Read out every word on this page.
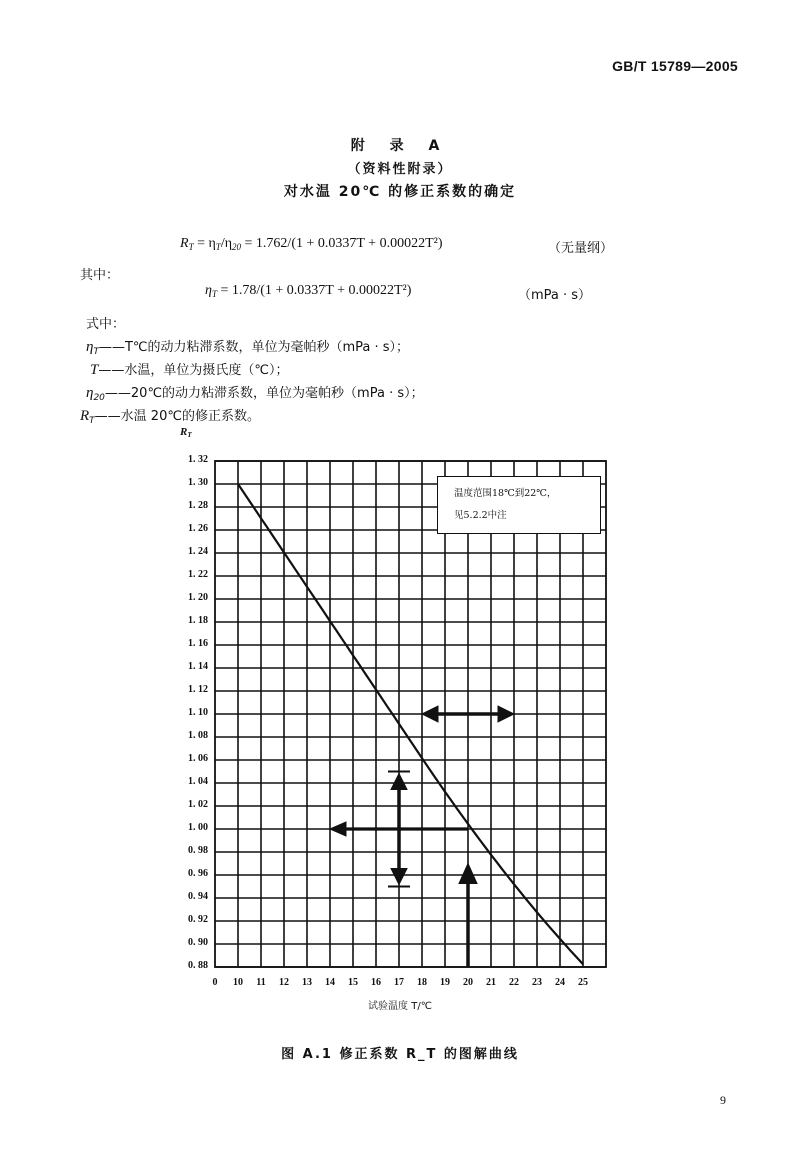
GB/T 15789—2005
附 录 A
（资料性附录）
对水温 20℃ 的修正系数的确定
$R_T = \eta_T/\eta_{20} = 1.762/(1 + 0.0337T + 0.00022T^2)$	（无量纲）
其中：
$\eta_T = 1.78/(1 + 0.0337T + 0.00022T^2)$	（mPa · s）
式中：
$\eta_T——T℃$的动力粘滞系数，单位为毫帕秒（mPa · s）；
T——水温，单位为摄氏度（℃）；
$\eta_{20}——20℃$的动力粘滞系数，单位为毫帕秒（mPa · s）；
$R_T——$水温 20℃的修正系数。
RT
1. 32
1. 30
1. 28
1. 26
1. 24
1. 22
1. 20
1. 18
1. 16
1. 14
1. 12
1. 10
1. 08
1. 06
1. 04
1. 02
1. 00
0. 98
0. 96
0. 94
0. 92
0. 90
0. 88
0	10	11	12	13	14	15	16	17	18	19	20	21	22	23	24	25
温度范围18℃到22℃，
见5.2.2中注
试验温度 T/℃
图 A.1 修正系数 R_T 的图解曲线
9
